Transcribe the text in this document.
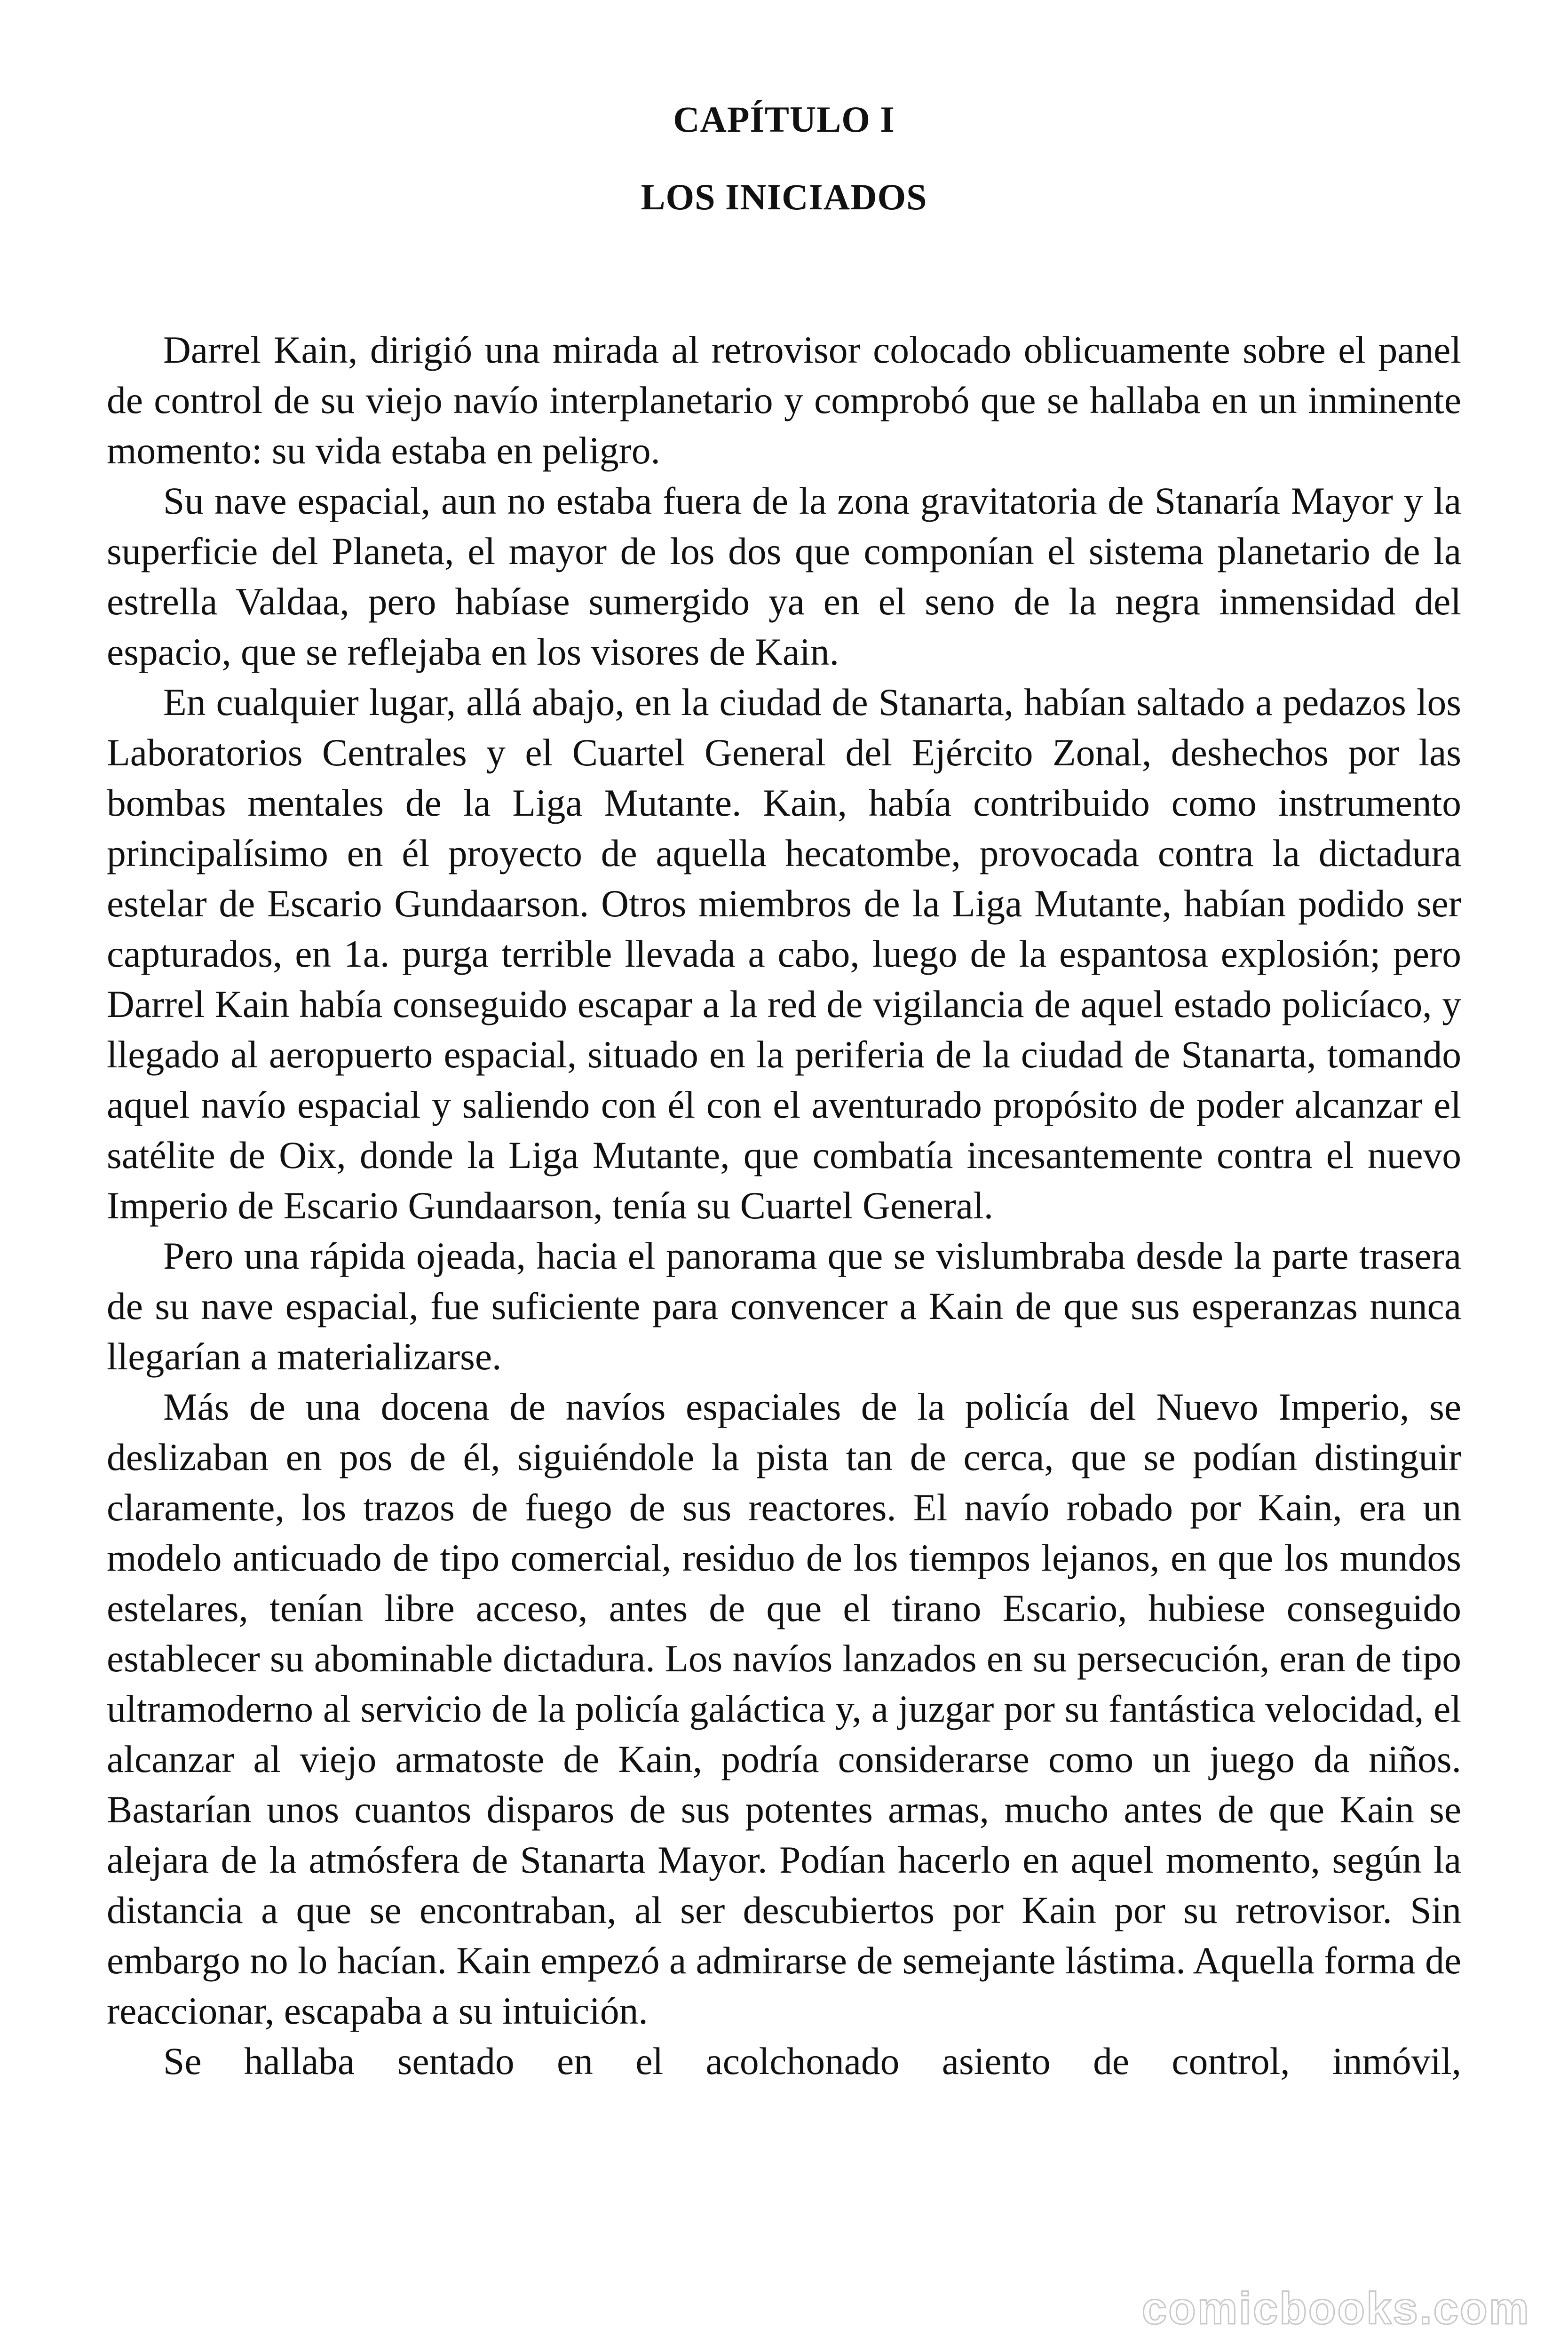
CAPÍTULO I
LOS INICIADOS

Darrel Kain, dirigió una mirada al retrovisor colocado oblicuamente sobre el panel de control de su viejo navío interplanetario y comprobó que se hallaba en un inminente momento: su vida estaba en peligro.

Su nave espacial, aun no estaba fuera de la zona gravitatoria de Stanaría Mayor y la superficie del Planeta, el mayor de los dos que componían el sistema planetario de la estrella Valdaa, pero habíase sumergido ya en el seno de la negra inmensidad del espacio, que se reflejaba en los visores de Kain.

En cualquier lugar, allá abajo, en la ciudad de Stanarta, habían saltado a pedazos los Laboratorios Centrales y el Cuartel General del Ejército Zonal, deshechos por las bombas mentales de la Liga Mutante. Kain, había contribuido como instrumento principalísimo en él proyecto de aquella hecatombe, provocada contra la dictadura estelar de Escario Gundaarson. Otros miembros de la Liga Mutante, habían podido ser capturados, en 1a. purga terrible llevada a cabo, luego de la espantosa explosión; pero Darrel Kain había conseguido escapar a la red de vigilancia de aquel estado policíaco, y llegado al aeropuerto espacial, situado en la periferia de la ciudad de Stanarta, tomando aquel navío espacial y saliendo con él con el aventurado propósito de poder alcanzar el satélite de Oix, donde la Liga Mutante, que combatía incesantemente contra el nuevo Imperio de Escario Gundaarson, tenía su Cuartel General.

Pero una rápida ojeada, hacia el panorama que se vislumbraba desde la parte trasera de su nave espacial, fue suficiente para convencer a Kain de que sus esperanzas nunca llegarían a materializarse.

Más de una docena de navíos espaciales de la policía del Nuevo Imperio, se deslizaban en pos de él, siguiéndole la pista tan de cerca, que se podían distinguir claramente, los trazos de fuego de sus reactores. El navío robado por Kain, era un modelo anticuado de tipo comercial, residuo de los tiempos lejanos, en que los mundos estelares, tenían libre acceso, antes de que el tirano Escario, hubiese conseguido establecer su abominable dictadura. Los navíos lanzados en su persecución, eran de tipo ultramoderno al servicio de la policía galáctica y, a juzgar por su fantástica velocidad, el alcanzar al viejo armatoste de Kain, podría considerarse como un juego da niños. Bastarían unos cuantos disparos de sus potentes armas, mucho antes de que Kain se alejara de la atmósfera de Stanarta Mayor. Podían hacerlo en aquel momento, según la distancia a que se encontraban, al ser descubiertos por Kain por su retrovisor. Sin embargo no lo hacían. Kain empezó a admirarse de semejante lástima. Aquella forma de reaccionar, escapaba a su intuición.

Se hallaba sentado en el acolchonado asiento de control, inmóvil,

comicbooks.com
